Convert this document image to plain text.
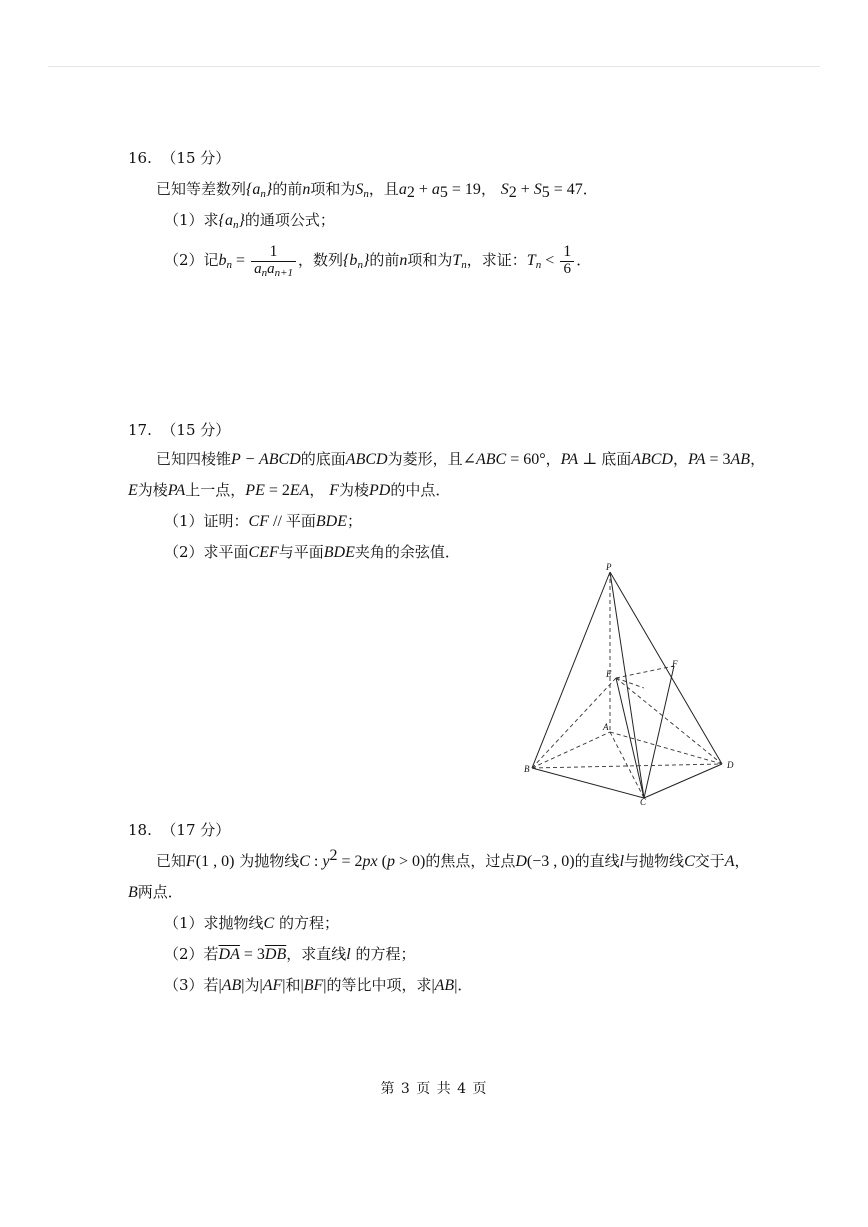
16. （15 分）
已知等差数列$\{a_n\}$的前n项和为$S_n$，且$a_2 + a_5 = 19$， $S_2 + S_5 = 47$．
（1）求$\{a_n\}$的通项公式；
（2）记$b_n = \frac{1}{a_na_{n+1}}$ ，数列$\{b_n\}$的前n项和为$T_n$，求证：$T_n < \frac{1}{6}$ ．
17. （15 分）
已知四棱锥P − ABCD的底面ABCD为菱形，且∠ABC = 60°，PA ⊥ 底面ABCD，PA = 3AB，
E为棱PA上一点，PE = 2EA， F为棱PD的中点．
（1）证明：CF // 平面BDE；
（2）求平面CEF与平面BDE夹角的余弦值．
P
F
E
A
B	D
C
18. （17 分）
已知F(1 , 0) 为抛物线C : $y^2 = 2px$ (p > 0)的焦点，过点D(−3 , 0)的直线l与抛物线C交于A，
B两点．
（1）求抛物线C 的方程；
（2）若$\overline{DA} = 3\overline{DB}$，求直线l 的方程；
（3）若|AB|为|AF|和|BF|的等比中项，求|AB|．
第 3 页 共 4 页
